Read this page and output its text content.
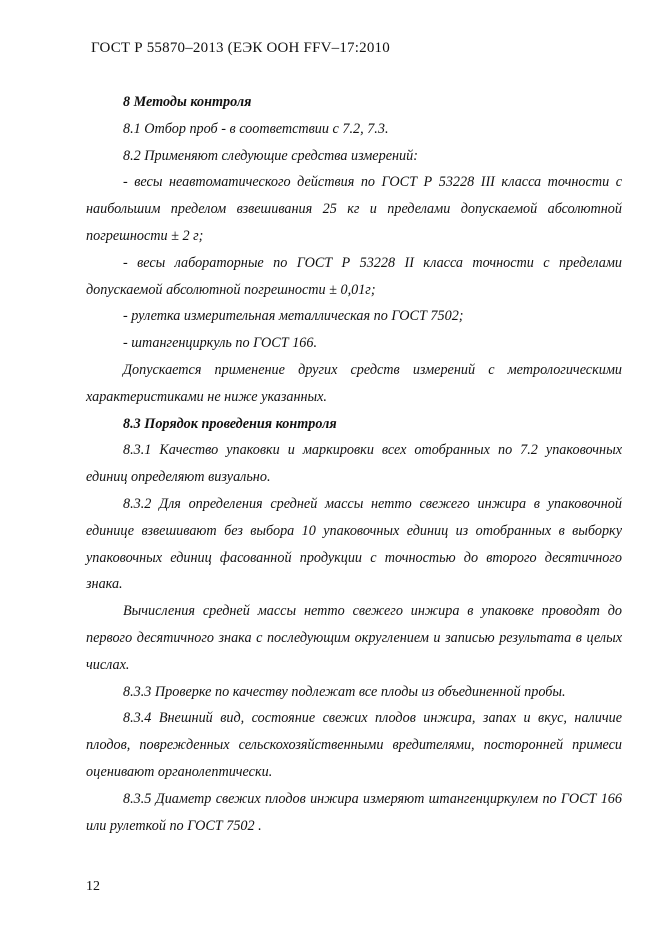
ГОСТ Р 55870–2013 (ЕЭК ООН FFV–17:2010

8 Методы контроля

8.1 Отбор проб - в соответствии с 7.2, 7.3.

8.2 Применяют следующие средства измерений:

- весы неавтоматического действия по ГОСТ Р 53228 III класса точности с наибольшим пределом взвешивания 25 кг и пределами допускаемой абсолютной погрешности ± 2 г;

- весы лабораторные по ГОСТ Р 53228 II класса точности с пределами допускаемой абсолютной погрешности ± 0,01г;

- рулетка измерительная металлическая по ГОСТ 7502;

- штангенциркуль по ГОСТ 166.

Допускается применение других средств измерений с метрологическими характеристиками не ниже указанных.

8.3 Порядок проведения контроля

8.3.1 Качество упаковки и маркировки всех отобранных по 7.2 упаковочных единиц определяют визуально.

8.3.2 Для определения средней массы нетто свежего инжира в упаковочной единице взвешивают без выбора 10 упаковочных единиц из отобранных в выборку упаковочных единиц фасованной продукции с точностью до второго десятичного знака.

Вычисления средней массы нетто свежего инжира в упаковке проводят до первого десятичного знака с последующим округлением и записью результата в целых числах.

8.3.3 Проверке по качеству подлежат все плоды из объединенной пробы.

8.3.4 Внешний вид, состояние свежих плодов инжира, запах и вкус, наличие плодов, поврежденных сельскохозяйственными вредителями, посторонней примеси оценивают органолептически.

8.3.5 Диаметр свежих плодов инжира измеряют штангенциркулем по ГОСТ 166 или рулеткой по ГОСТ 7502 .

12
